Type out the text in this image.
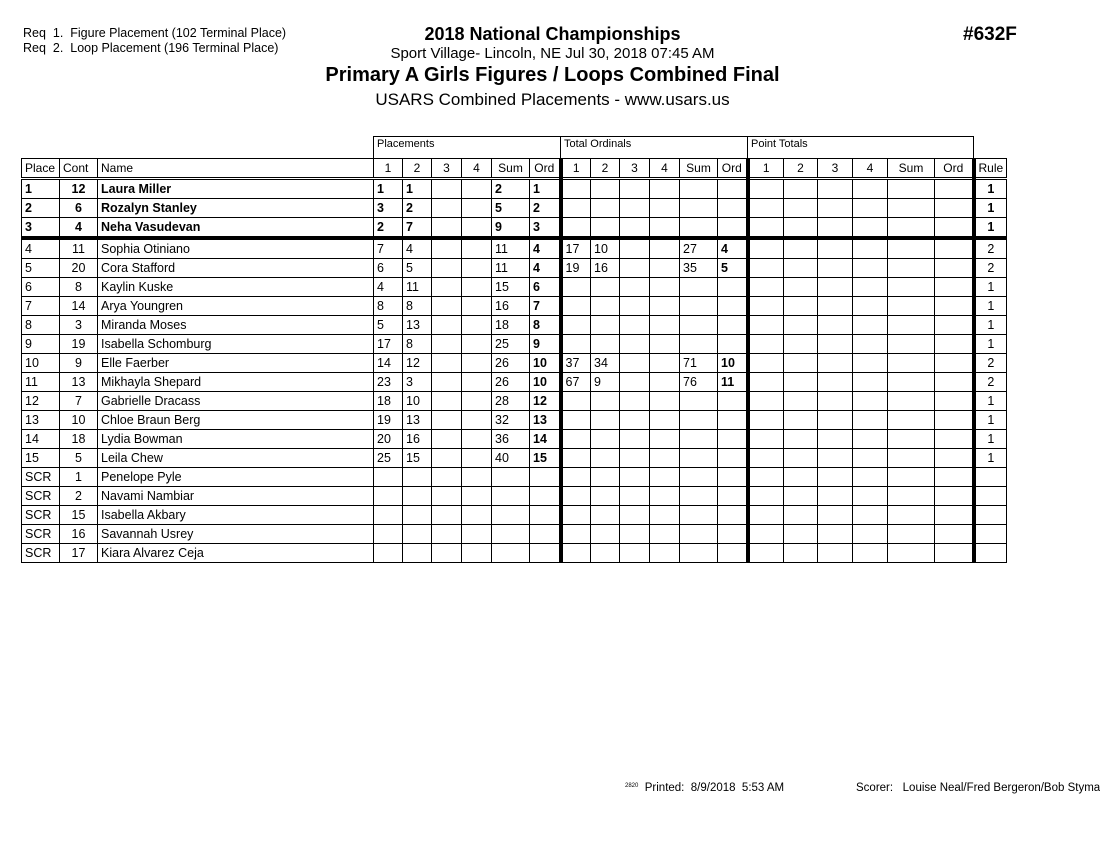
Req  1.  Figure Placement (102 Terminal Place)
Req  2.  Loop Placement (196 Terminal Place)
2018 National Championships
Sport Village- Lincoln, NE Jul 30, 2018 07:45 AM
Primary A Girls Figures / Loops Combined Final
USARS Combined Placements - www.usars.us
#632F
Placements	Total Ordinals	Point Totals
Place	Cont	Name	1	2	3	4	Sum	Ord	1	2	3	4	Sum	Ord	1	2	3	4	Sum	Ord	Rule
1	12	Laura Miller	1	1			2	1													1
2	6	Rozalyn Stanley	3	2			5	2													1
3	4	Neha Vasudevan	2	7			9	3													1
4	11	Sophia Otiniano	7	4			11	4	17	10			27	4							2
5	20	Cora Stafford	6	5			11	4	19	16			35	5							2
6	8	Kaylin Kuske	4	11			15	6													1
7	14	Arya Youngren	8	8			16	7													1
8	3	Miranda Moses	5	13			18	8													1
9	19	Isabella Schomburg	17	8			25	9													1
10	9	Elle Faerber	14	12			26	10	37	34			71	10							2
11	13	Mikhayla Shepard	23	3			26	10	67	9			76	11							2
12	7	Gabrielle Dracass	18	10			28	12													1
13	10	Chloe Braun Berg	19	13			32	13													1
14	18	Lydia Bowman	20	16			36	14													1
15	5	Leila Chew	25	15			40	15													1
SCR	1	Penelope Pyle																			
SCR	2	Navami Nambiar																			
SCR	15	Isabella Akbary																			
SCR	16	Savannah Usrey																			
SCR	17	Kiara Alvarez Ceja																			
$^{2820}$ Printed:  8/9/2018  5:53 AM	Scorer:   Louise Neal/Fred Bergeron/Bob Styma
